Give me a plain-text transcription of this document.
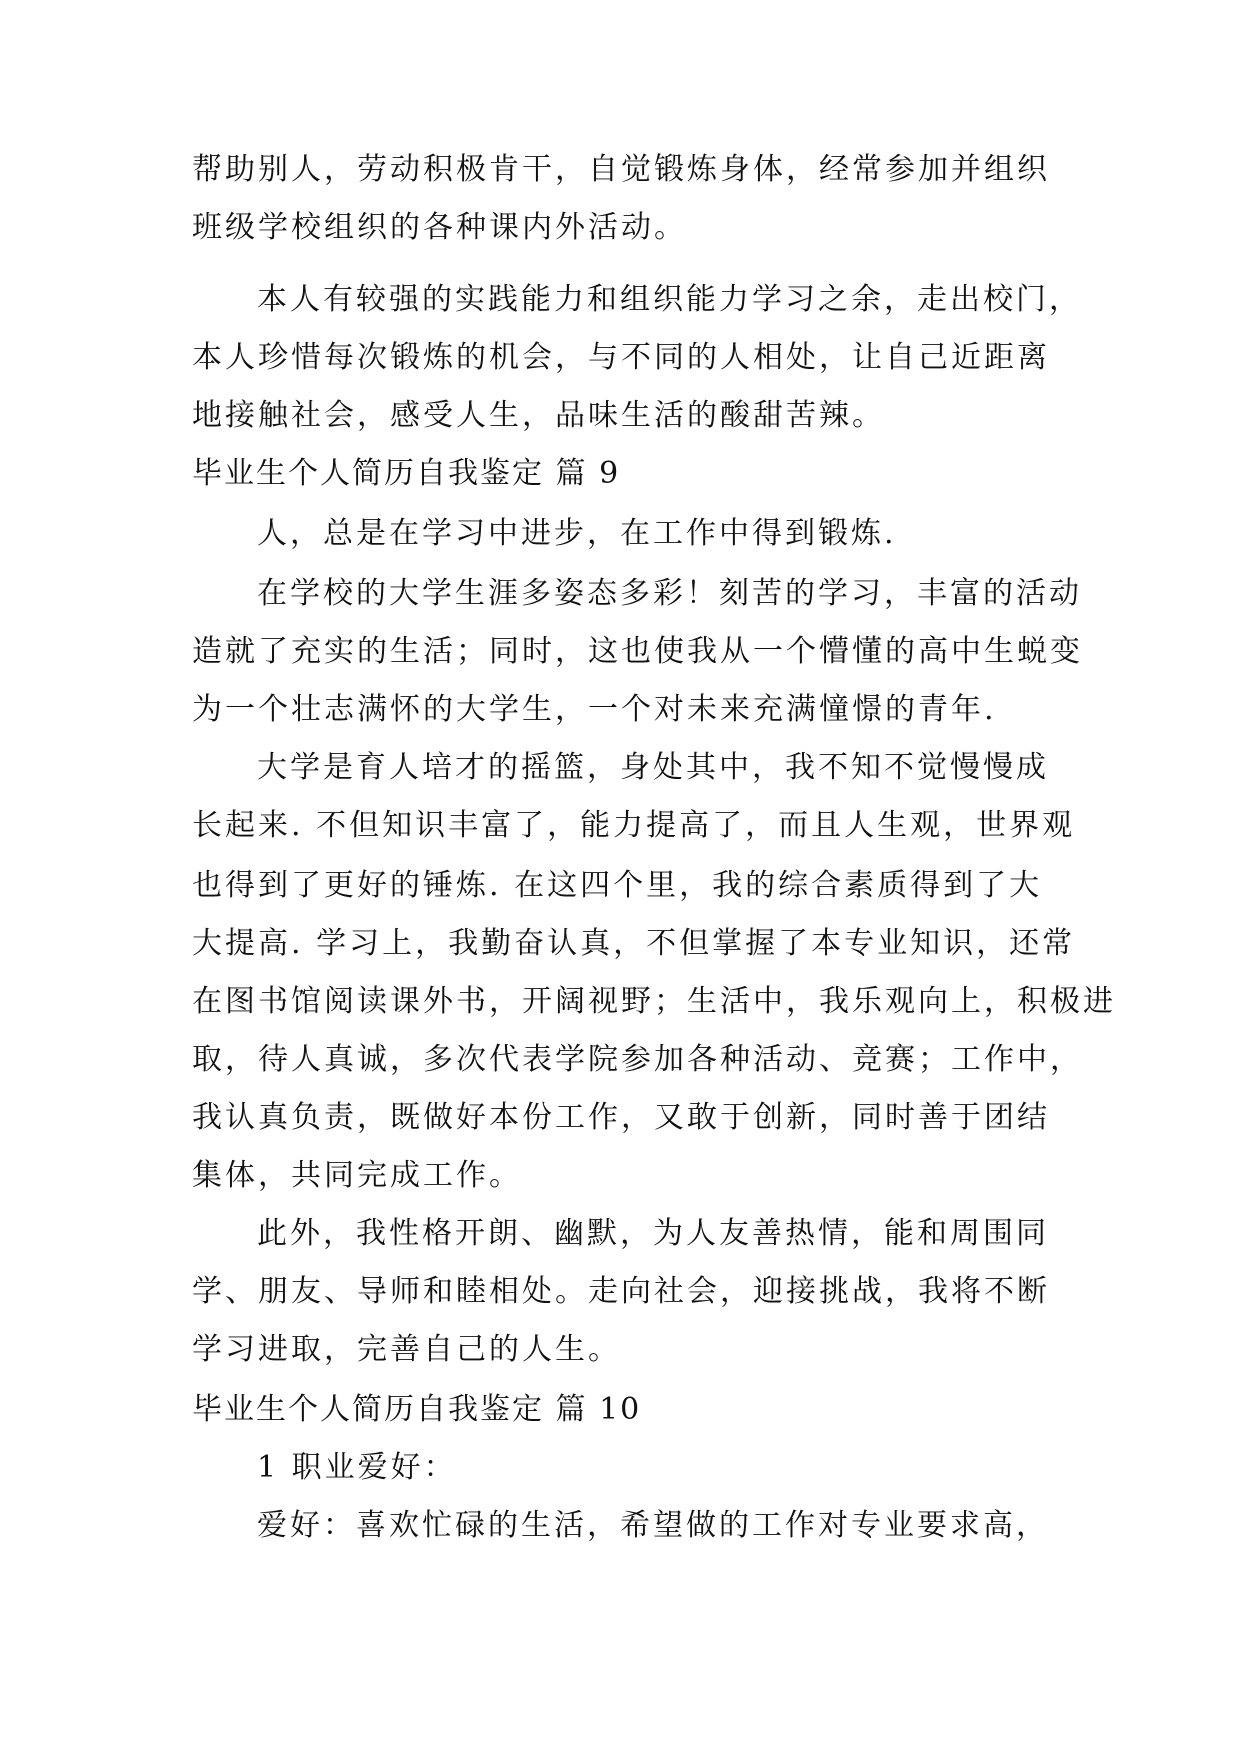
帮助别人，劳动积极肯干，自觉锻炼身体，经常参加并组织
班级学校组织的各种课内外活动。
本人有较强的实践能力和组织能力学习之余，走出校门，
本人珍惜每次锻炼的机会，与不同的人相处，让自己近距离
地接触社会，感受人生，品味生活的酸甜苦辣。
毕业生个人简历自我鉴定 篇 9
人，总是在学习中进步，在工作中得到锻炼.
在学校的大学生涯多姿态多彩！刻苦的学习，丰富的活动
造就了充实的生活；同时，这也使我从一个懵懂的高中生蜕变
为一个壮志满怀的大学生，一个对未来充满憧憬的青年.
大学是育人培才的摇篮，身处其中，我不知不觉慢慢成
长起来. 不但知识丰富了，能力提高了，而且人生观，世界观
也得到了更好的锤炼. 在这四个里，我的综合素质得到了大
大提高. 学习上，我勤奋认真，不但掌握了本专业知识，还常
在图书馆阅读课外书，开阔视野；生活中，我乐观向上，积极进
取，待人真诚，多次代表学院参加各种活动、竞赛；工作中，
我认真负责，既做好本份工作，又敢于创新，同时善于团结
集体，共同完成工作。
此外，我性格开朗、幽默，为人友善热情，能和周围同
学、朋友、导师和睦相处。走向社会，迎接挑战，我将不断
学习进取，完善自己的人生。
毕业生个人简历自我鉴定 篇 10
1 职业爱好：
爱好：喜欢忙碌的生活，希望做的工作对专业要求高，
